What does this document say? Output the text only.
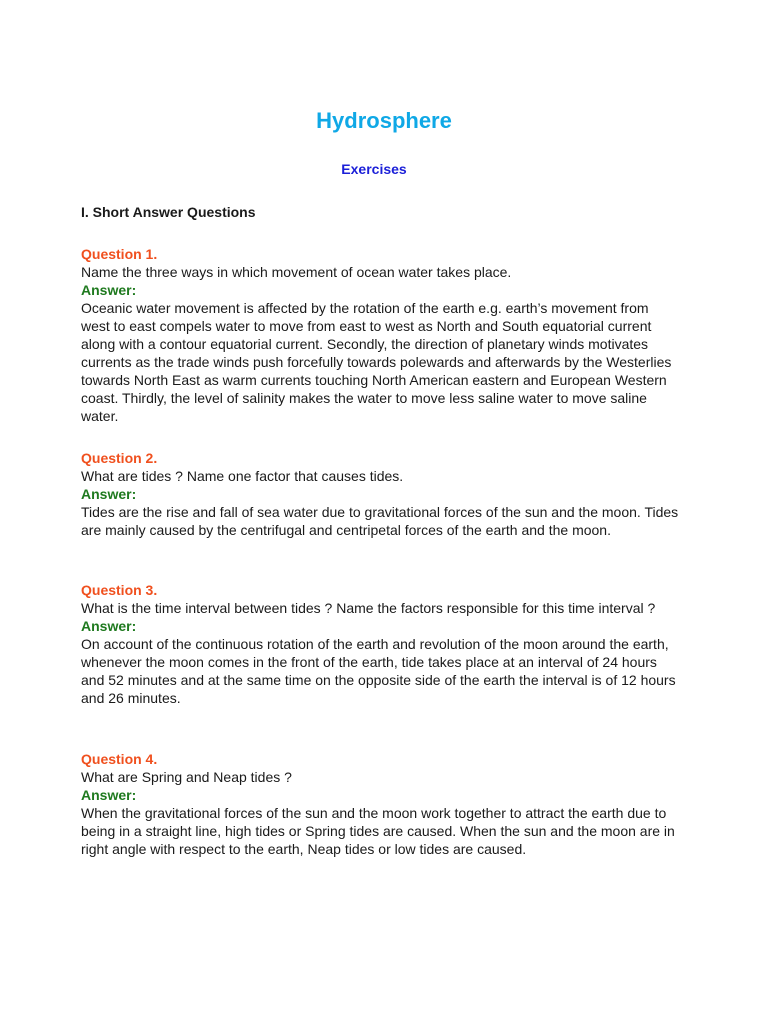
Hydrosphere
Exercises
I. Short Answer Questions
Question 1.
Name the three ways in which movement of ocean water takes place.
Answer:
Oceanic water movement is affected by the rotation of the earth e.g. earth’s movement from west to east compels water to move from east to west as North and South equatorial current along with a contour equatorial current. Secondly, the direction of planetary winds motivates currents as the trade winds push forcefully towards polewards and afterwards by the Westerlies towards North East as warm currents touching North American eastern and European Western coast. Thirdly, the level of salinity makes the water to move less saline water to move saline water.
Question 2.
What are tides ? Name one factor that causes tides.
Answer:
Tides are the rise and fall of sea water due to gravitational forces of the sun and the moon. Tides are mainly caused by the centrifugal and centripetal forces of the earth and the moon.
Question 3.
What is the time interval between tides ? Name the factors responsible for this time interval ?
Answer:
On account of the continuous rotation of the earth and revolution of the moon around the earth, whenever the moon comes in the front of the earth, tide takes place at an interval of 24 hours and 52 minutes and at the same time on the opposite side of the earth the interval is of 12 hours and 26 minutes.
Question 4.
What are Spring and Neap tides ?
Answer:
When the gravitational forces of the sun and the moon work together to attract the earth due to being in a straight line, high tides or Spring tides are caused. When the sun and the moon are in right angle with respect to the earth, Neap tides or low tides are caused.
